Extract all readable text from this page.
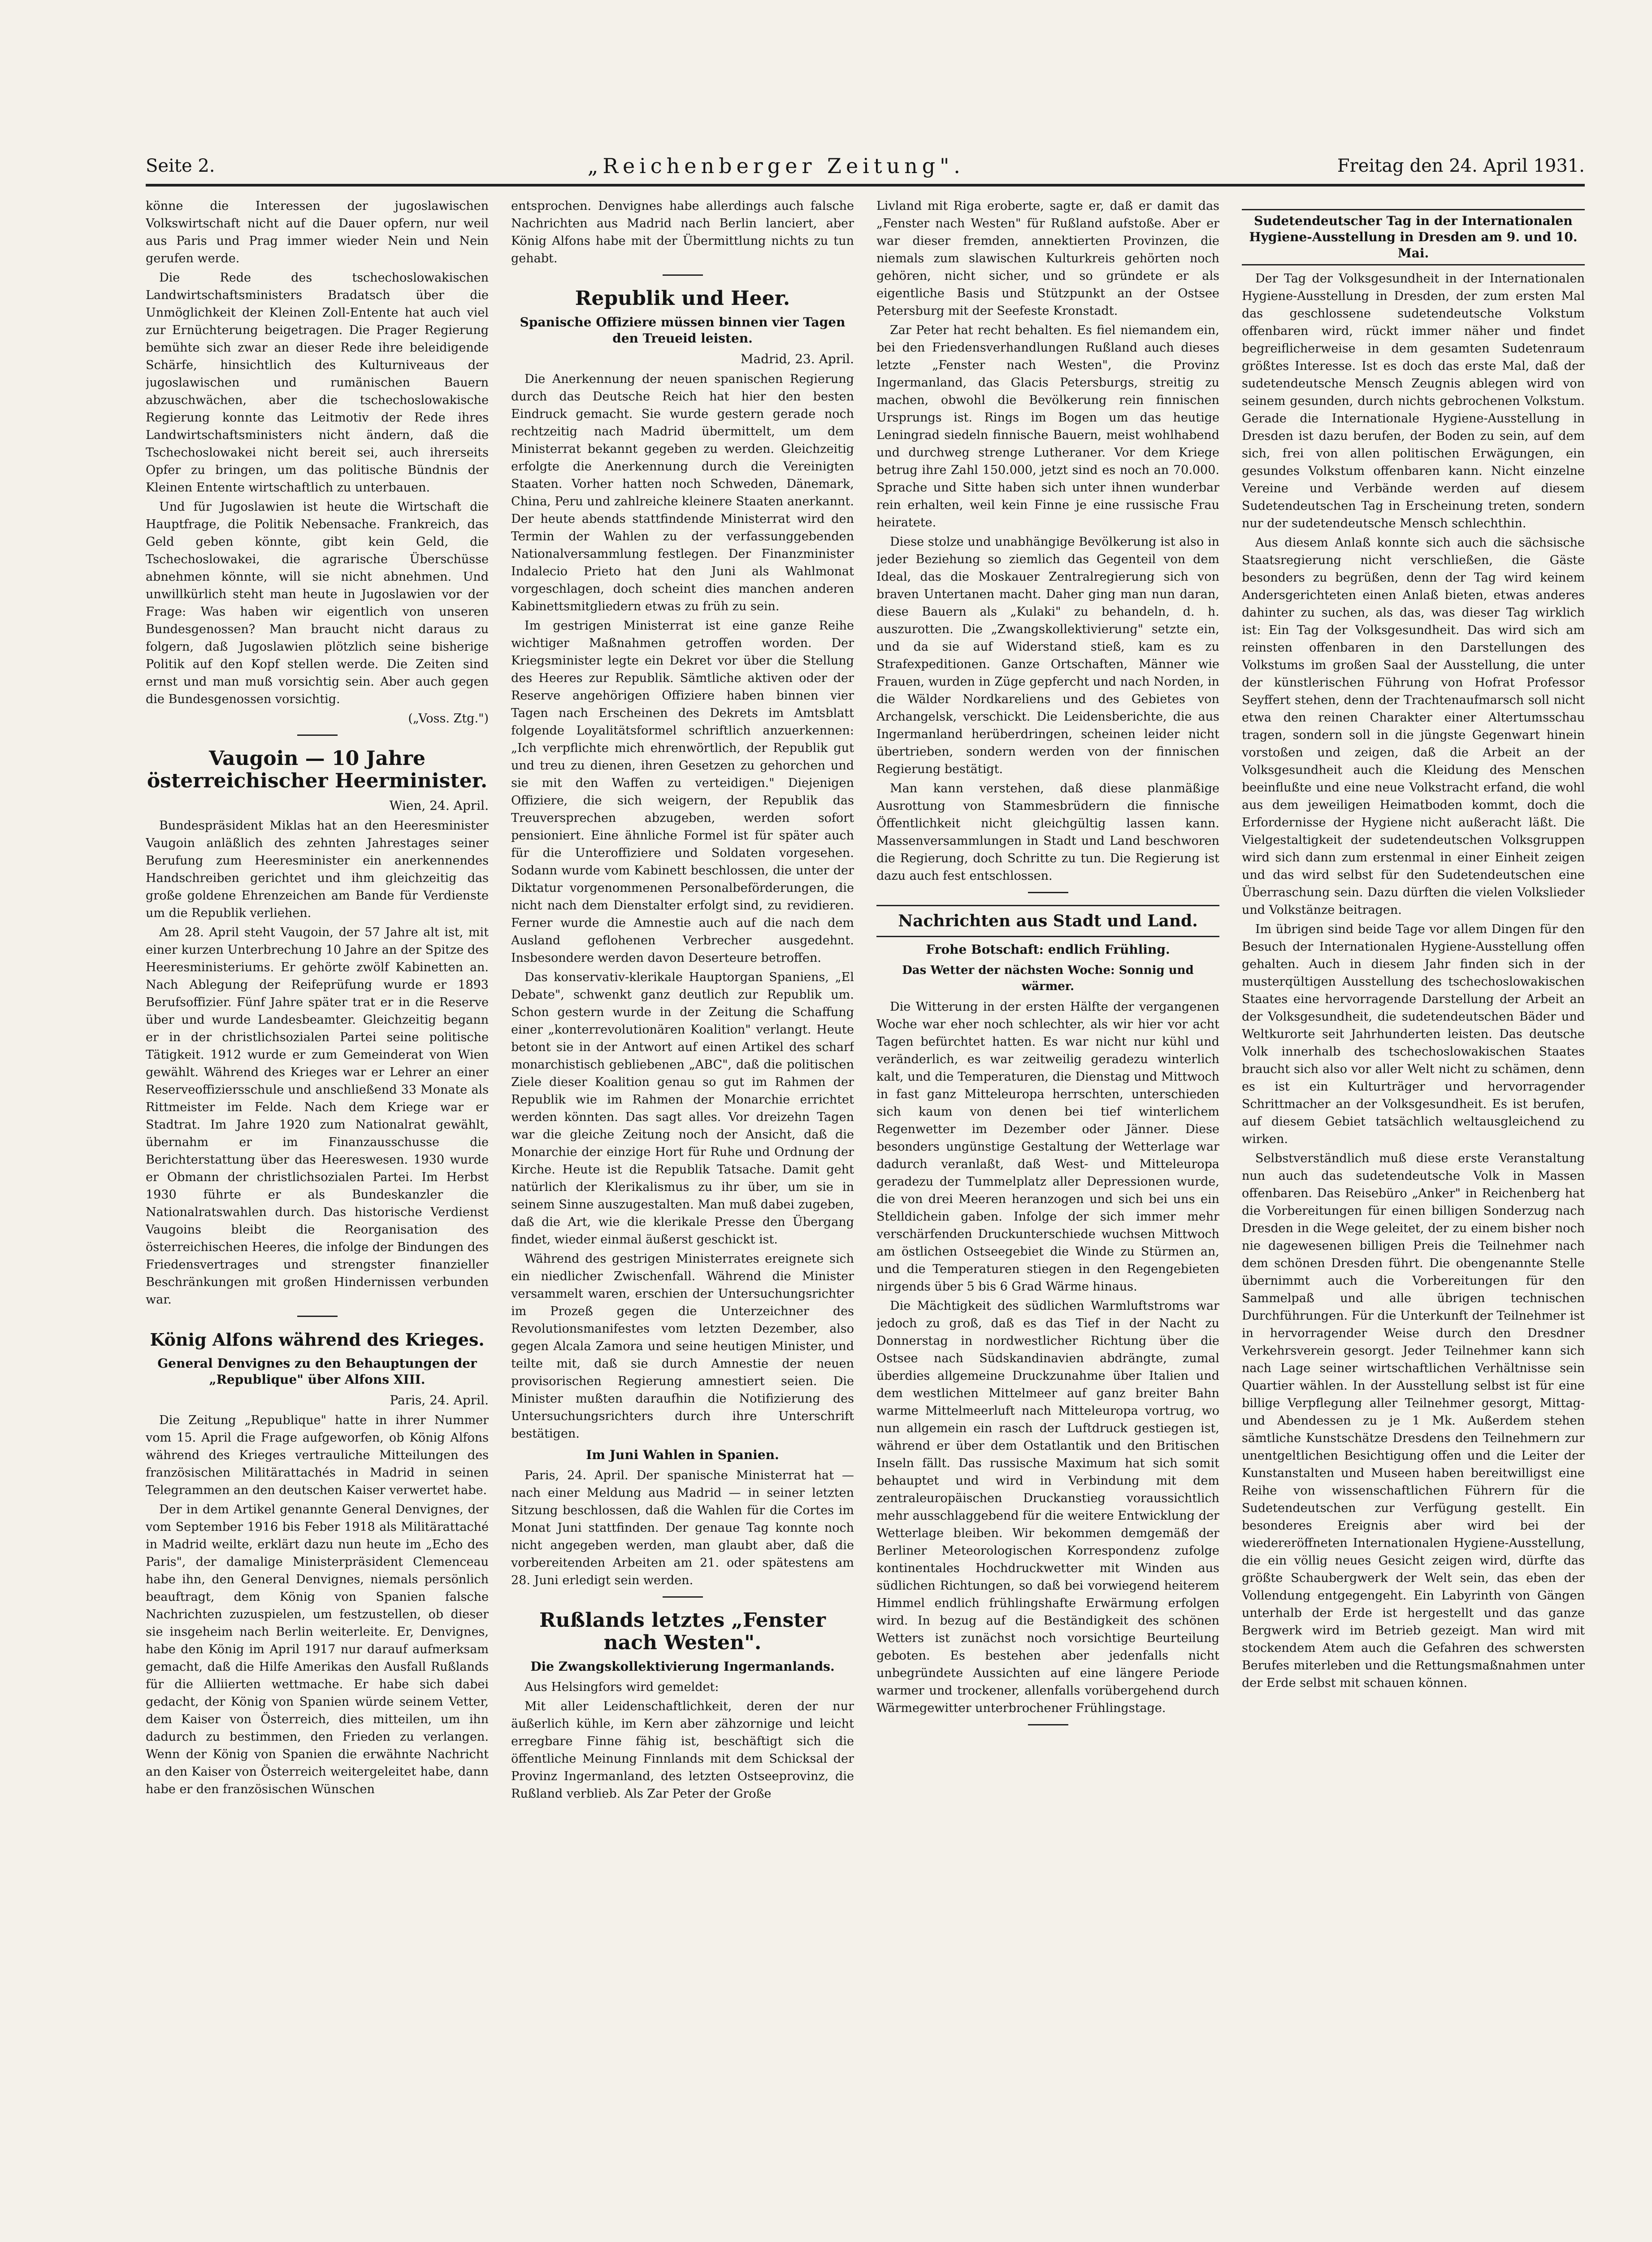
Seite 2.	„Reichenberger Zeitung".	Freitag den 24. April 1931.

könne die Interessen der jugoslawischen Volkswirtschaft nicht auf die Dauer opfern, nur weil aus Paris und Prag immer wieder Nein und Nein gerufen werde.

Die Rede des tschechoslowakischen Landwirtschaftsministers Bradatsch über die Unmöglichkeit der Kleinen Zoll-Entente hat auch viel zur Ernüchterung beigetragen. Die Prager Regierung bemühte sich zwar an dieser Rede ihre beleidigende Schärfe, hinsichtlich des Kulturniveaus der jugoslawischen und rumänischen Bauern abzuschwächen, aber die tschechoslowakische Regierung konnte das Leitmotiv der Rede ihres Landwirtschaftsministers nicht ändern, daß die Tschechoslowakei nicht bereit sei, auch ihrerseits Opfer zu bringen, um das politische Bündnis der Kleinen Entente wirtschaftlich zu unterbauen.

Und für Jugoslawien ist heute die Wirtschaft die Hauptfrage, die Politik Nebensache. Frankreich, das Geld geben könnte, gibt kein Geld, die Tschechoslowakei, die agrarische Überschüsse abnehmen könnte, will sie nicht abnehmen. Und unwillkürlich steht man heute in Jugoslawien vor der Frage: Was haben wir eigentlich von unseren Bundesgenossen? Man braucht nicht daraus zu folgern, daß Jugoslawien plötzlich seine bisherige Politik auf den Kopf stellen werde. Die Zeiten sind ernst und man muß vorsichtig sein. Aber auch gegen die Bundesgenossen vorsichtig.

(„Voss. Ztg.")
Vaugoin — 10 Jahre österreichischer Heerminister.
Wien, 24. April.

Bundespräsident Miklas hat an den Heeresminister Vaugoin anläßlich des zehnten Jahrestages seiner Berufung zum Heeresminister ein anerkennendes Handschreiben gerichtet und ihm gleichzeitig das große goldene Ehrenzeichen am Bande für Verdienste um die Republik verliehen.

Am 28. April steht Vaugoin, der 57 Jahre alt ist, mit einer kurzen Unterbrechung 10 Jahre an der Spitze des Heeresministeriums. Er gehörte zwölf Kabinetten an. Nach Ablegung der Reifeprüfung wurde er 1893 Berufsoffizier. Fünf Jahre später trat er in die Reserve über und wurde Landesbeamter. Gleichzeitig begann er in der christlichsozialen Partei seine politische Tätigkeit. 1912 wurde er zum Gemeinderat von Wien gewählt. Während des Krieges war er Lehrer an einer Reserveoffiziersschule und anschließend 33 Monate als Rittmeister im Felde. Nach dem Kriege war er Stadtrat. Im Jahre 1920 zum Nationalrat gewählt, übernahm er im Finanzausschusse die Berichterstattung über das Heereswesen. 1930 wurde er Obmann der christlichsozialen Partei. Im Herbst 1930 führte er als Bundeskanzler die Nationalratswahlen durch. Das historische Verdienst Vaugoins bleibt die Reorganisation des österreichischen Heeres, die infolge der Bindungen des Friedensvertrages und strengster finanzieller Beschränkungen mit großen Hindernissen verbunden war.

König Alfons während des Krieges.
General Denvignes zu den Behauptungen der „Republique" über Alfons XIII.
Paris, 24. April.

Die Zeitung „Republique" hatte in ihrer Nummer vom 15. April die Frage aufgeworfen, ob König Alfons während des Krieges vertrauliche Mitteilungen des französischen Militärattachés in Madrid in seinen Telegrammen an den deutschen Kaiser verwertet habe.

Der in dem Artikel genannte General Denvignes, der vom September 1916 bis Feber 1918 als Militärattaché in Madrid weilte, erklärt dazu nun heute im „Echo des Paris", der damalige Ministerpräsident Clemenceau habe ihn, den General Denvignes, niemals persönlich beauftragt, dem König von Spanien falsche Nachrichten zuzuspielen, um festzustellen, ob dieser sie insgeheim nach Berlin weiterleite. Er, Denvignes, habe den König im April 1917 nur darauf aufmerksam gemacht, daß die Hilfe Amerikas den Ausfall Rußlands für die Alliierten wettmache. Er habe sich dabei gedacht, der König von Spanien würde seinem Vetter, dem Kaiser von Österreich, dies mitteilen, um ihn dadurch zu bestimmen, den Frieden zu verlangen. Wenn der König von Spanien die erwähnte Nachricht an den Kaiser von Österreich weitergeleitet habe, dann habe er den französischen Wünschen

entsprochen. Denvignes habe allerdings auch falsche Nachrichten aus Madrid nach Berlin lanciert, aber König Alfons habe mit der Übermittlung nichts zu tun gehabt.

Republik und Heer.
Spanische Offiziere müssen binnen vier Tagen den Treueid leisten.
Madrid, 23. April.

Die Anerkennung der neuen spanischen Regierung durch das Deutsche Reich hat hier den besten Eindruck gemacht. Sie wurde gestern gerade noch rechtzeitig nach Madrid übermittelt, um dem Ministerrat bekannt gegeben zu werden. Gleichzeitig erfolgte die Anerkennung durch die Vereinigten Staaten. Vorher hatten noch Schweden, Dänemark, China, Peru und zahlreiche kleinere Staaten anerkannt. Der heute abends stattfindende Ministerrat wird den Termin der Wahlen zu der verfassunggebenden Nationalversammlung festlegen. Der Finanzminister Indalecio Prieto hat den Juni als Wahlmonat vorgeschlagen, doch scheint dies manchen anderen Kabinettsmitgliedern etwas zu früh zu sein.

Im gestrigen Ministerrat ist eine ganze Reihe wichtiger Maßnahmen getroffen worden. Der Kriegsminister legte ein Dekret vor über die Stellung des Heeres zur Republik. Sämtliche aktiven oder der Reserve angehörigen Offiziere haben binnen vier Tagen nach Erscheinen des Dekrets im Amtsblatt folgende Loyalitätsformel schriftlich anzuerkennen: „Ich verpflichte mich ehrenwörtlich, der Republik gut und treu zu dienen, ihren Gesetzen zu gehorchen und sie mit den Waffen zu verteidigen." Diejenigen Offiziere, die sich weigern, der Republik das Treuversprechen abzugeben, werden sofort pensioniert. Eine ähnliche Formel ist für später auch für die Unteroffiziere und Soldaten vorgesehen. Sodann wurde vom Kabinett beschlossen, die unter der Diktatur vorgenommenen Personalbeförderungen, die nicht nach dem Dienstalter erfolgt sind, zu revidieren. Ferner wurde die Amnestie auch auf die nach dem Ausland geflohenen Verbrecher ausgedehnt. Insbesondere werden davon Deserteure betroffen.

Das konservativ-klerikale Hauptorgan Spaniens, „El Debate", schwenkt ganz deutlich zur Republik um. Schon gestern wurde in der Zeitung die Schaffung einer „konterrevolutionären Koalition" verlangt. Heute betont sie in der Antwort auf einen Artikel des scharf monarchistisch gebliebenen „ABC", daß die politischen Ziele dieser Koalition genau so gut im Rahmen der Republik wie im Rahmen der Monarchie errichtet werden könnten. Das sagt alles. Vor dreizehn Tagen war die gleiche Zeitung noch der Ansicht, daß die Monarchie der einzige Hort für Ruhe und Ordnung der Kirche. Heute ist die Republik Tatsache. Damit geht natürlich der Klerikalismus zu ihr über, um sie in seinem Sinne auszugestalten. Man muß dabei zugeben, daß die Art, wie die klerikale Presse den Übergang findet, wieder einmal äußerst geschickt ist.

Während des gestrigen Ministerrates ereignete sich ein niedlicher Zwischenfall. Während die Minister versammelt waren, erschien der Untersuchungsrichter im Prozeß gegen die Unterzeichner des Revolutionsmanifestes vom letzten Dezember, also gegen Alcala Zamora und seine heutigen Minister, und teilte mit, daß sie durch Amnestie der neuen provisorischen Regierung amnestiert seien. Die Minister mußten daraufhin die Notifizierung des Untersuchungsrichters durch ihre Unterschrift bestätigen.

Im Juni Wahlen in Spanien.

Paris, 24. April. Der spanische Ministerrat hat — nach einer Meldung aus Madrid — in seiner letzten Sitzung beschlossen, daß die Wahlen für die Cortes im Monat Juni stattfinden. Der genaue Tag konnte noch nicht angegeben werden, man glaubt aber, daß die vorbereitenden Arbeiten am 21. oder spätestens am 28. Juni erledigt sein werden.

Rußlands letztes „Fenster nach Westen".
Die Zwangskollektivierung Ingermanlands.

Aus Helsingfors wird gemeldet:

Mit aller Leidenschaftlichkeit, deren der nur äußerlich kühle, im Kern aber zähzornige und leicht erregbare Finne fähig ist, beschäftigt sich die öffentliche Meinung Finnlands mit dem Schicksal der Provinz Ingermanland, des letzten Ostseeprovinz, die Rußland verblieb. Als Zar Peter der Große

Livland mit Riga eroberte, sagte er, daß er damit das „Fenster nach Westen" für Rußland aufstoße. Aber er war dieser fremden, annektierten Provinzen, die niemals zum slawischen Kulturkreis gehörten noch gehören, nicht sicher, und so gründete er als eigentliche Basis und Stützpunkt an der Ostsee Petersburg mit der Seefeste Kronstadt.

Zar Peter hat recht behalten. Es fiel niemandem ein, bei den Friedensverhandlungen Rußland auch dieses letzte „Fenster nach Westen", die Provinz Ingermanland, das Glacis Petersburgs, streitig zu machen, obwohl die Bevölkerung rein finnischen Ursprungs ist. Rings im Bogen um das heutige Leningrad siedeln finnische Bauern, meist wohlhabend und durchweg strenge Lutheraner. Vor dem Kriege betrug ihre Zahl 150.000, jetzt sind es noch an 70.000. Sprache und Sitte haben sich unter ihnen wunderbar rein erhalten, weil kein Finne je eine russische Frau heiratete.

Diese stolze und unabhängige Bevölkerung ist also in jeder Beziehung so ziemlich das Gegenteil von dem Ideal, das die Moskauer Zentralregierung sich von braven Untertanen macht. Daher ging man nun daran, diese Bauern als „Kulaki" zu behandeln, d. h. auszurotten. Die „Zwangskollektivierung" setzte ein, und da sie auf Widerstand stieß, kam es zu Strafexpeditionen. Ganze Ortschaften, Männer wie Frauen, wurden in Züge gepfercht und nach Norden, in die Wälder Nordkareliens und des Gebietes von Archangelsk, verschickt. Die Leidensberichte, die aus Ingermanland herüberdringen, scheinen leider nicht übertrieben, sondern werden von der finnischen Regierung bestätigt.

Man kann verstehen, daß diese planmäßige Ausrottung von Stammesbrüdern die finnische Öffentlichkeit nicht gleichgültig lassen kann. Massenversammlungen in Stadt und Land beschworen die Regierung, doch Schritte zu tun. Die Regierung ist dazu auch fest entschlossen.

Nachrichten aus Stadt und Land.
Frohe Botschaft: endlich Frühling.
Das Wetter der nächsten Woche: Sonnig und wärmer.

Die Witterung in der ersten Hälfte der vergangenen Woche war eher noch schlechter, als wir hier vor acht Tagen befürchtet hatten. Es war nicht nur kühl und veränderlich, es war zeitweilig geradezu winterlich kalt, und die Temperaturen, die Dienstag und Mittwoch in fast ganz Mitteleuropa herrschten, unterschieden sich kaum von denen bei tief winterlichem Regenwetter im Dezember oder Jänner. Diese besonders ungünstige Gestaltung der Wetterlage war dadurch veranlaßt, daß West- und Mitteleuropa geradezu der Tummelplatz aller Depressionen wurde, die von drei Meeren heranzogen und sich bei uns ein Stelldichein gaben. Infolge der sich immer mehr verschärfenden Druckunterschiede wuchsen Mittwoch am östlichen Ostseegebiet die Winde zu Stürmen an, und die Temperaturen stiegen in den Regengebieten nirgends über 5 bis 6 Grad Wärme hinaus.

Die Mächtigkeit des südlichen Warmluftstroms war jedoch zu groß, daß es das Tief in der Nacht zu Donnerstag in nordwestlicher Richtung über die Ostsee nach Südskandinavien abdrängte, zumal überdies allgemeine Druckzunahme über Italien und dem westlichen Mittelmeer auf ganz breiter Bahn warme Mittelmeerluft nach Mitteleuropa vortrug, wo nun allgemein ein rasch der Luftdruck gestiegen ist, während er über dem Ostatlantik und den Britischen Inseln fällt. Das russische Maximum hat sich somit behauptet und wird in Verbindung mit dem zentraleuropäischen Druckanstieg voraussichtlich mehr ausschlaggebend für die weitere Entwicklung der Wetterlage bleiben. Wir bekommen demgemäß der Berliner Meteorologischen Korrespondenz zufolge kontinentales Hochdruckwetter mit Winden aus südlichen Richtungen, so daß bei vorwiegend heiterem Himmel endlich frühlingshafte Erwärmung erfolgen wird. In bezug auf die Beständigkeit des schönen Wetters ist zunächst noch vorsichtige Beurteilung geboten. Es bestehen aber jedenfalls nicht unbegründete Aussichten auf eine längere Periode warmer und trockener, allenfalls vorübergehend durch Wärmegewitter unterbrochener Frühlingstage.

Sudetendeutscher Tag in der Internationalen Hygiene-Ausstellung in Dresden am 9. und 10. Mai.

Der Tag der Volksgesundheit in der Internationalen Hygiene-Ausstellung in Dresden, der zum ersten Mal das geschlossene sudetendeutsche Volkstum offenbaren wird, rückt immer näher und findet begreiflicherweise in dem gesamten Sudetenraum größtes Interesse. Ist es doch das erste Mal, daß der sudetendeutsche Mensch Zeugnis ablegen wird von seinem gesunden, durch nichts gebrochenen Volkstum. Gerade die Internationale Hygiene-Ausstellung in Dresden ist dazu berufen, der Boden zu sein, auf dem sich, frei von allen politischen Erwägungen, ein gesundes Volkstum offenbaren kann. Nicht einzelne Vereine und Verbände werden auf diesem Sudetendeutschen Tag in Erscheinung treten, sondern nur der sudetendeutsche Mensch schlechthin.

Aus diesem Anlaß konnte sich auch die sächsische Staatsregierung nicht verschließen, die Gäste besonders zu begrüßen, denn der Tag wird keinem Andersgerichteten einen Anlaß bieten, etwas anderes dahinter zu suchen, als das, was dieser Tag wirklich ist: Ein Tag der Volksgesundheit. Das wird sich am reinsten offenbaren in den Darstellungen des Volkstums im großen Saal der Ausstellung, die unter der künstlerischen Führung von Hofrat Professor Seyffert stehen, denn der Trachtenaufmarsch soll nicht etwa den reinen Charakter einer Altertumsschau tragen, sondern soll in die jüngste Gegenwart hinein vorstoßen und zeigen, daß die Arbeit an der Volksgesundheit auch die Kleidung des Menschen beeinflußte und eine neue Volkstracht erfand, die wohl aus dem jeweiligen Heimatboden kommt, doch die Erfordernisse der Hygiene nicht außeracht läßt. Die Vielgestaltigkeit der sudetendeutschen Volksgruppen wird sich dann zum erstenmal in einer Einheit zeigen und das wird selbst für den Sudetendeutschen eine Überraschung sein. Dazu dürften die vielen Volkslieder und Volkstänze beitragen.

Im übrigen sind beide Tage vor allem Dingen für den Besuch der Internationalen Hygiene-Ausstellung offen gehalten. Auch in diesem Jahr finden sich in der musterqültigen Ausstellung des tschechoslowakischen Staates eine hervorragende Darstellung der Arbeit an der Volksgesundheit, die sudetendeutschen Bäder und Weltkurorte seit Jahrhunderten leisten. Das deutsche Volk innerhalb des tschechoslowakischen Staates braucht sich also vor aller Welt nicht zu schämen, denn es ist ein Kulturträger und hervorragender Schrittmacher an der Volksgesundheit. Es ist berufen, auf diesem Gebiet tatsächlich weltausgleichend zu wirken.

Selbstverständlich muß diese erste Veranstaltung nun auch das sudetendeutsche Volk in Massen offenbaren. Das Reisebüro „Anker" in Reichenberg hat die Vorbereitungen für einen billigen Sonderzug nach Dresden in die Wege geleitet, der zu einem bisher noch nie dagewesenen billigen Preis die Teilnehmer nach dem schönen Dresden führt. Die obengenannte Stelle übernimmt auch die Vorbereitungen für den Sammelpaß und alle übrigen technischen Durchführungen. Für die Unterkunft der Teilnehmer ist in hervorragender Weise durch den Dresdner Verkehrsverein gesorgt. Jeder Teilnehmer kann sich nach Lage seiner wirtschaftlichen Verhältnisse sein Quartier wählen. In der Ausstellung selbst ist für eine billige Verpflegung aller Teilnehmer gesorgt, Mittag- und Abendessen zu je 1 Mk. Außerdem stehen sämtliche Kunstschätze Dresdens den Teilnehmern zur unentgeltlichen Besichtigung offen und die Leiter der Kunstanstalten und Museen haben bereitwilligst eine Reihe von wissenschaftlichen Führern für die Sudetendeutschen zur Verfügung gestellt. Ein besonderes Ereignis aber wird bei der wiedereröffneten Internationalen Hygiene-Ausstellung, die ein völlig neues Gesicht zeigen wird, dürfte das größte Schaubergwerk der Welt sein, das eben der Vollendung entgegengeht. Ein Labyrinth von Gängen unterhalb der Erde ist hergestellt und das ganze Bergwerk wird im Betrieb gezeigt. Man wird mit stockendem Atem auch die Gefahren des schwersten Berufes miterleben und die Rettungsmaßnahmen unter der Erde selbst mit schauen können.
